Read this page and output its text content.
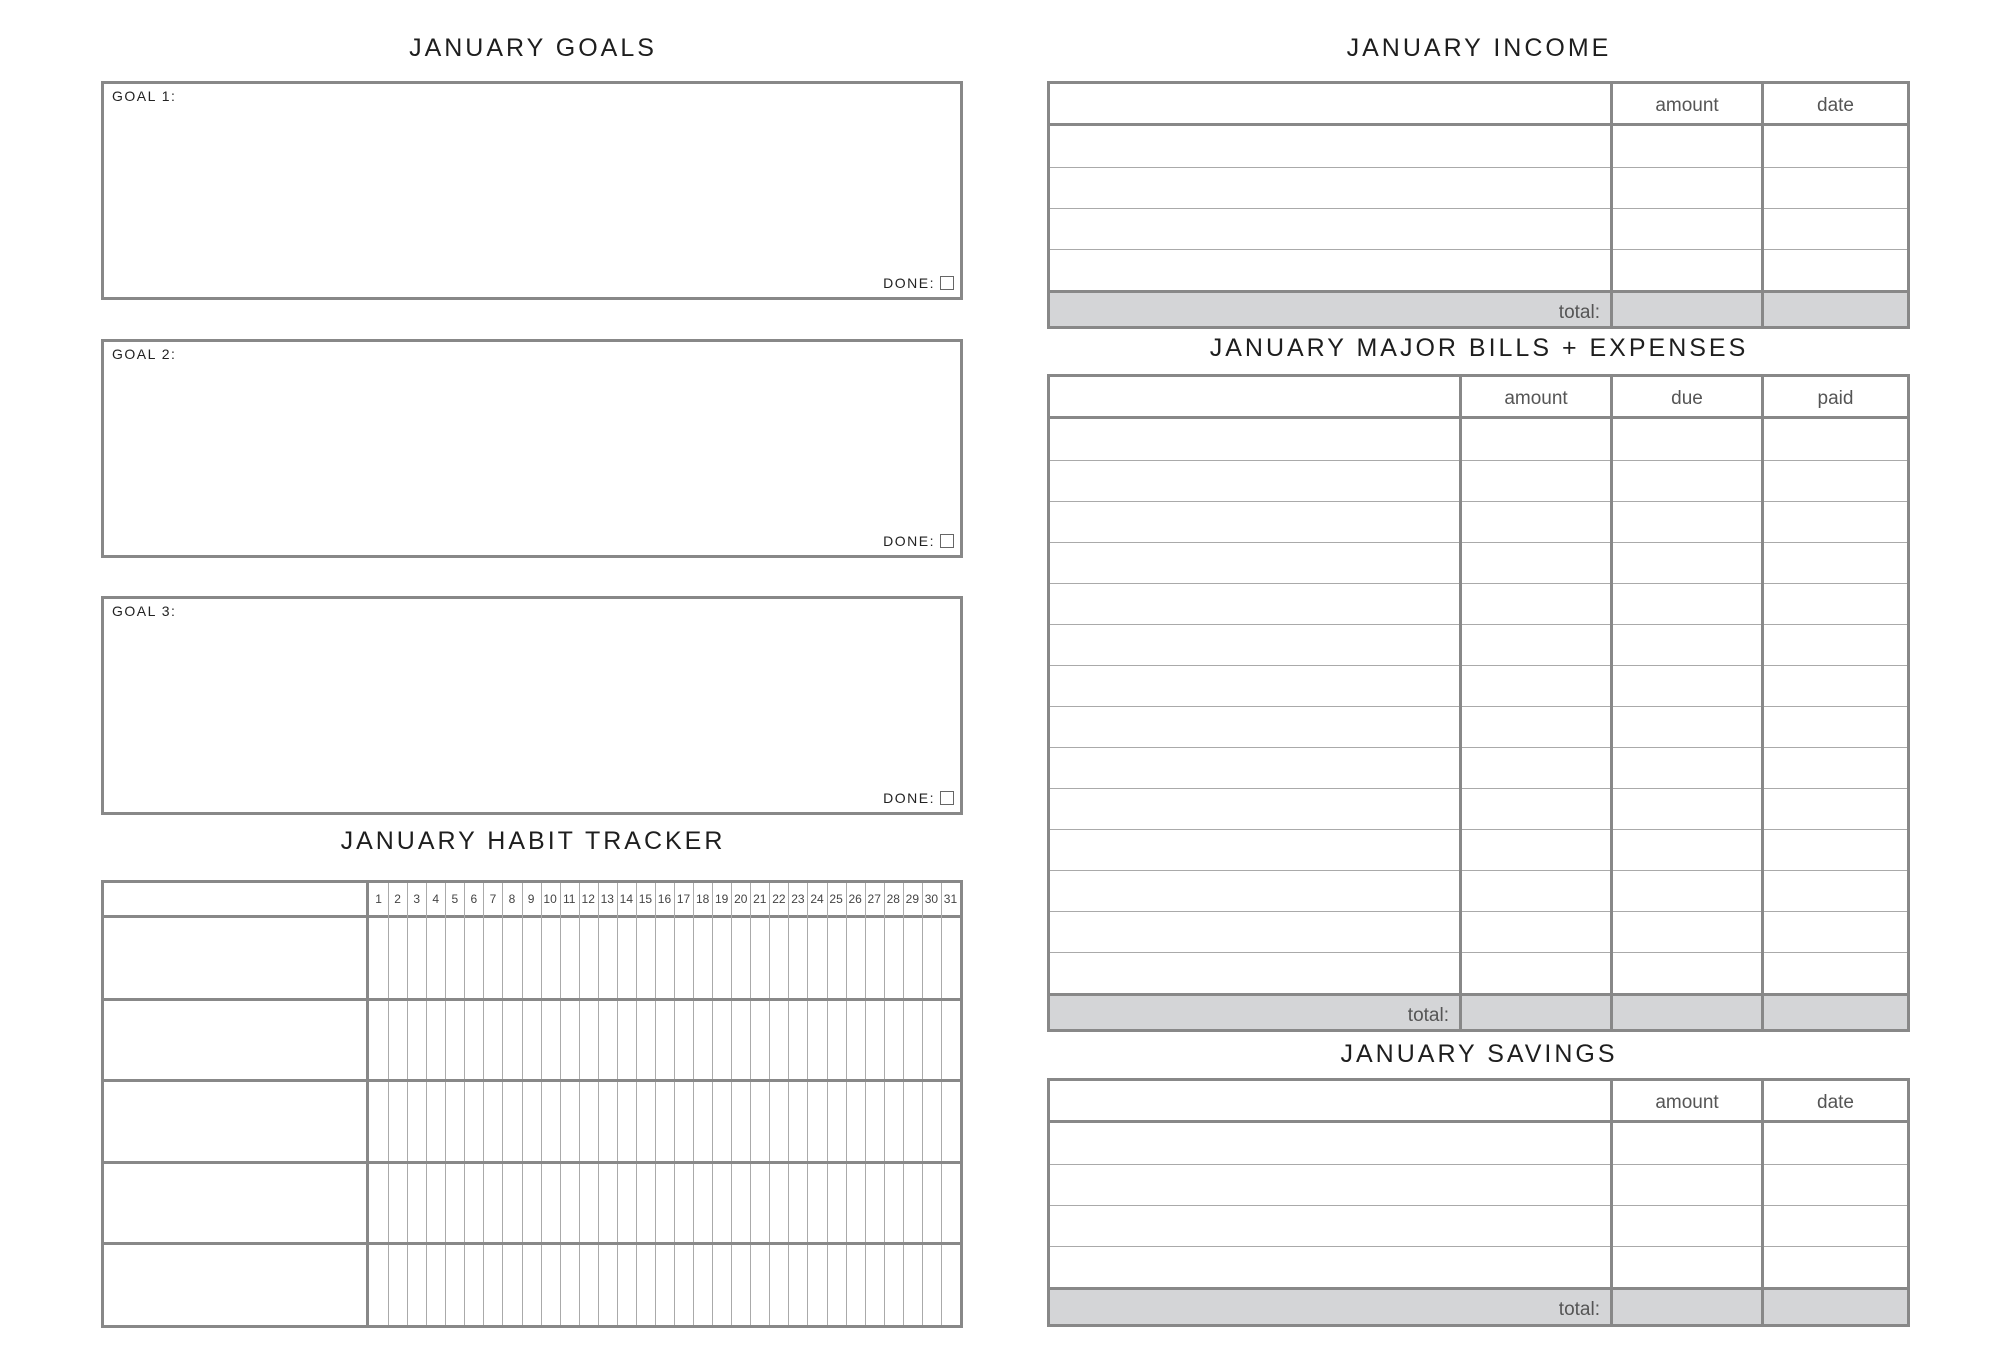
JANUARY GOALS
GOAL 1:
DONE:
GOAL 2:
DONE:
GOAL 3:
DONE:
JANUARY HABIT TRACKER
1	2	3	4	5	6	7	8	9 10 11 12 13 14 15 16 17 18 19 20 21 22 23 24 25 26 27 28 29 30 31
JANUARY INCOME
amount	date
total:
JANUARY MAJOR BILLS + EXPENSES
amount	due	paid
total:
JANUARY SAVINGS
amount	date
total:
